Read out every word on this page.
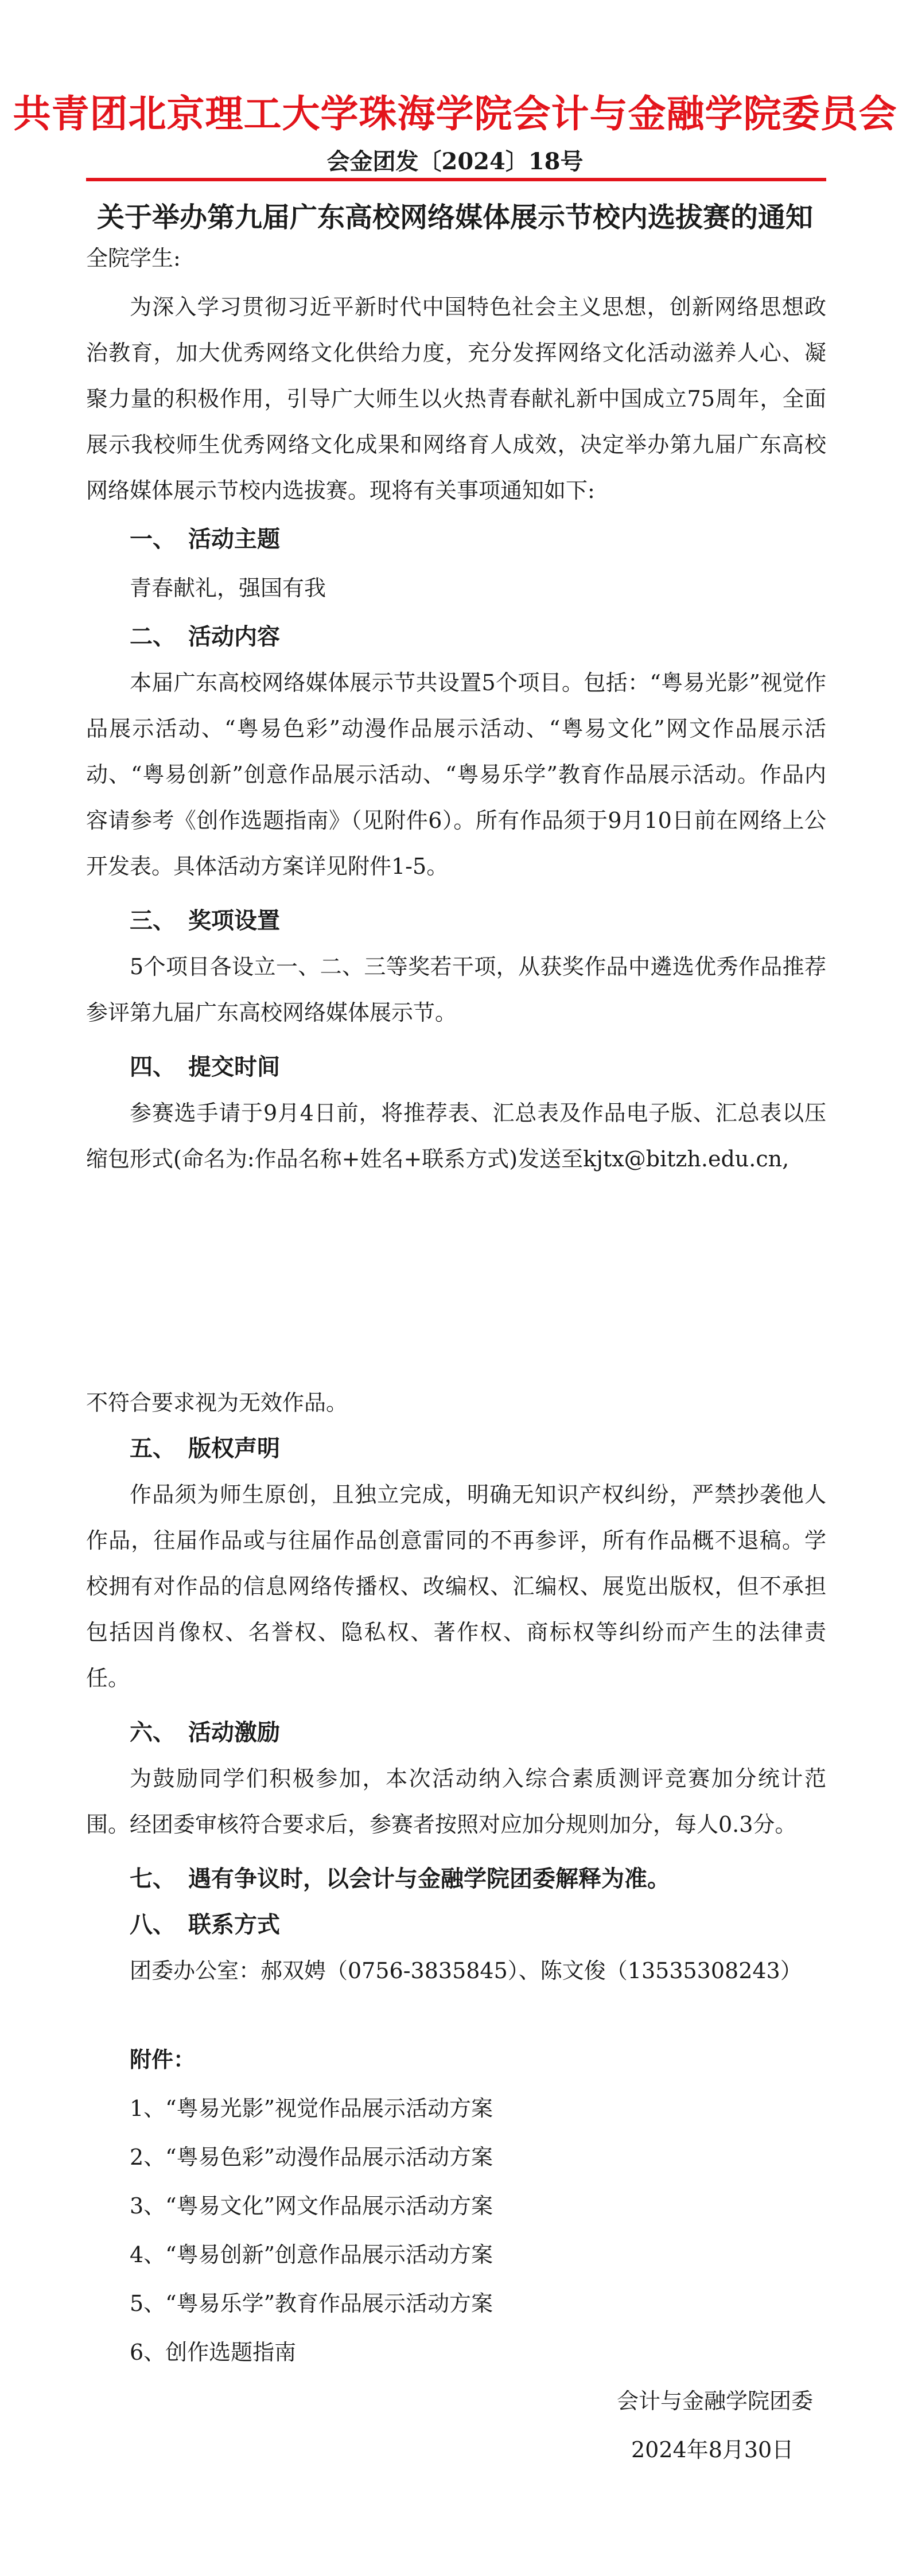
共青团北京理工大学珠海学院会计与金融学院委员会
会金团发〔2024〕18号
关于举办第九届广东高校网络媒体展示节校内选拔赛的通知
全院学生:
为深入学习贯彻习近平新时代中国特色社会主义思想，创新网络思想政治教育，加大优秀网络文化供给力度，充分发挥网络文化活动滋养人心、凝聚力量的积极作用，引导广大师生以火热青春献礼新中国成立75周年，全面展示我校师生优秀网络文化成果和网络育人成效，决定举办第九届广东高校网络媒体展示节校内选拔赛。现将有关事项通知如下:
一、 活动主题
青春献礼，强国有我
二、 活动内容
本届广东高校网络媒体展示节共设置5个项目。包括：“粤易光影”视觉作品展示活动、“粤易色彩”动漫作品展示活动、“粤易文化”网文作品展示活动、“粤易创新”创意作品展示活动、“粤易乐学”教育作品展示活动。作品内容请参考《创作选题指南》（见附件6）。所有作品须于9月10日前在网络上公开发表。具体活动方案详见附件1-5。
三、 奖项设置
5个项目各设立一、二、三等奖若干项，从获奖作品中遴选优秀作品推荐参评第九届广东高校网络媒体展示节。
四、 提交时间
参赛选手请于9月4日前，将推荐表、汇总表及作品电子版、汇总表以压缩包形式(命名为:作品名称+姓名+联系方式)发送至kjtx@bitzh.edu.cn,
不符合要求视为无效作品。
五、 版权声明
作品须为师生原创，且独立完成，明确无知识产权纠纷，严禁抄袭他人作品，往届作品或与往届作品创意雷同的不再参评，所有作品概不退稿。学校拥有对作品的信息网络传播权、改编权、汇编权、展览出版权，但不承担包括因肖像权、名誉权、隐私权、著作权、商标权等纠纷而产生的法律责任。
六、 活动激励
为鼓励同学们积极参加，本次活动纳入综合素质测评竞赛加分统计范围。经团委审核符合要求后，参赛者按照对应加分规则加分，每人0.3分。
七、 遇有争议时，以会计与金融学院团委解释为准。
八、 联系方式
团委办公室：郝双娉（0756-3835845）、陈文俊（13535308243）
附件：
1、“粤易光影”视觉作品展示活动方案
2、“粤易色彩”动漫作品展示活动方案
3、“粤易文化”网文作品展示活动方案
4、“粤易创新”创意作品展示活动方案
5、“粤易乐学”教育作品展示活动方案
6、创作选题指南
会计与金融学院团委
2024年8月30日
